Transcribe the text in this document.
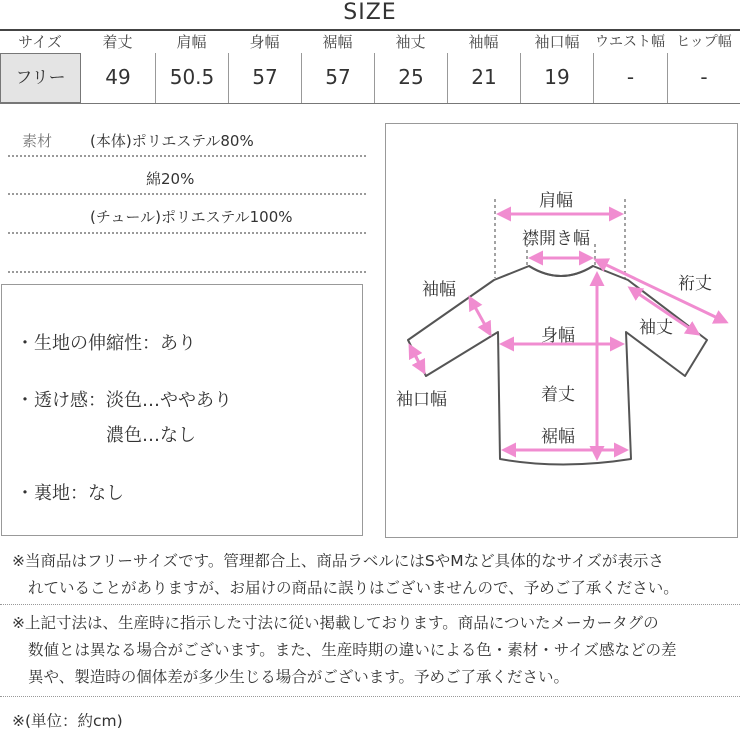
SIZE
サイズ	着丈	肩幅	身幅	裾幅	袖丈	袖幅	袖口幅	ウエスト幅 ヒップ幅
フリー	49	50.5	57	57	25	21	19	-	-
素材	(本体)ポリエステル80%
綿20%
(チュール)ポリエステル100%
・生地の伸縮性：あり
・透け感：淡色…ややあり
濃色…なし
・裏地：なし
肩幅
襟開き幅
裄丈
袖幅
袖丈
身幅
袖口幅	着丈
裾幅
※当商品はフリーサイズです。管理都合上、商品ラベルにはSやMなど具体的なサイズが表示さ
れていることがありますが、お届けの商品に誤りはございませんので、予めご了承ください。
※上記寸法は、生産時に指示した寸法に従い掲載しております。商品についたメーカータグの
数値とは異なる場合がございます。また、生産時期の違いによる色・素材・サイズ感などの差
異や、製造時の個体差が多少生じる場合がございます。予めご了承ください。
※(単位：約cm)
